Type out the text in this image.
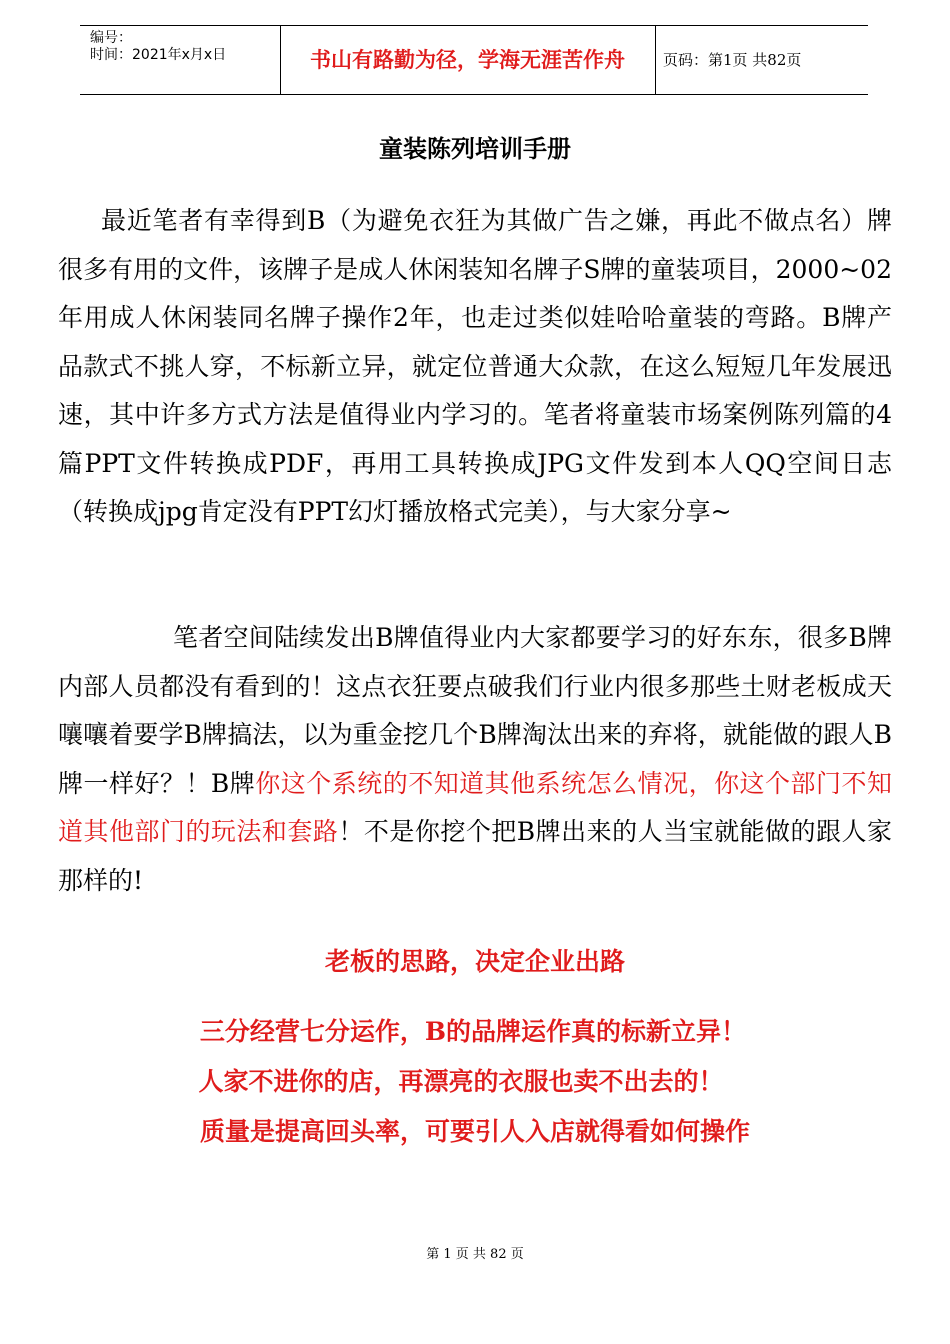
编号：
时间：2021年x月x日	书山有路勤为径，学海无涯苦作舟	页码：第1页 共82页
童装陈列培训手册

最近笔者有幸得到B（为避免衣狂为其做广告之嫌，再此不做点名）牌很多有用的文件，该牌子是成人休闲装知名牌子S牌的童装项目，2000~02年用成人休闲装同名牌子操作2年，也走过类似娃哈哈童装的弯路。B牌产品款式不挑人穿，不标新立异，就定位普通大众款，在这么短短几年发展迅速，其中许多方式方法是值得业内学习的。笔者将童装市场案例陈列篇的4篇PPT文件转换成PDF，再用工具转换成JPG文件发到本人QQ空间日志（转换成jpg肯定没有PPT幻灯播放格式完美），与大家分享~

笔者空间陆续发出B牌值得业内大家都要学习的好东东，很多B牌内部人员都没有看到的！这点衣狂要点破我们行业内很多那些土财老板成天嚷嚷着要学B牌搞法，以为重金挖几个B牌淘汰出来的弃将，就能做的跟人B牌一样好？！B牌你这个系统的不知道其他系统怎么情况，你这个部门不知道其他部门的玩法和套路！不是你挖个把B牌出来的人当宝就能做的跟人家那样的!

老板的思路，决定企业出路
三分经营七分运作，B的品牌运作真的标新立异！
人家不进你的店，再漂亮的衣服也卖不出去的！
质量是提高回头率，可要引人入店就得看如何操作
第 1 页 共 82 页
